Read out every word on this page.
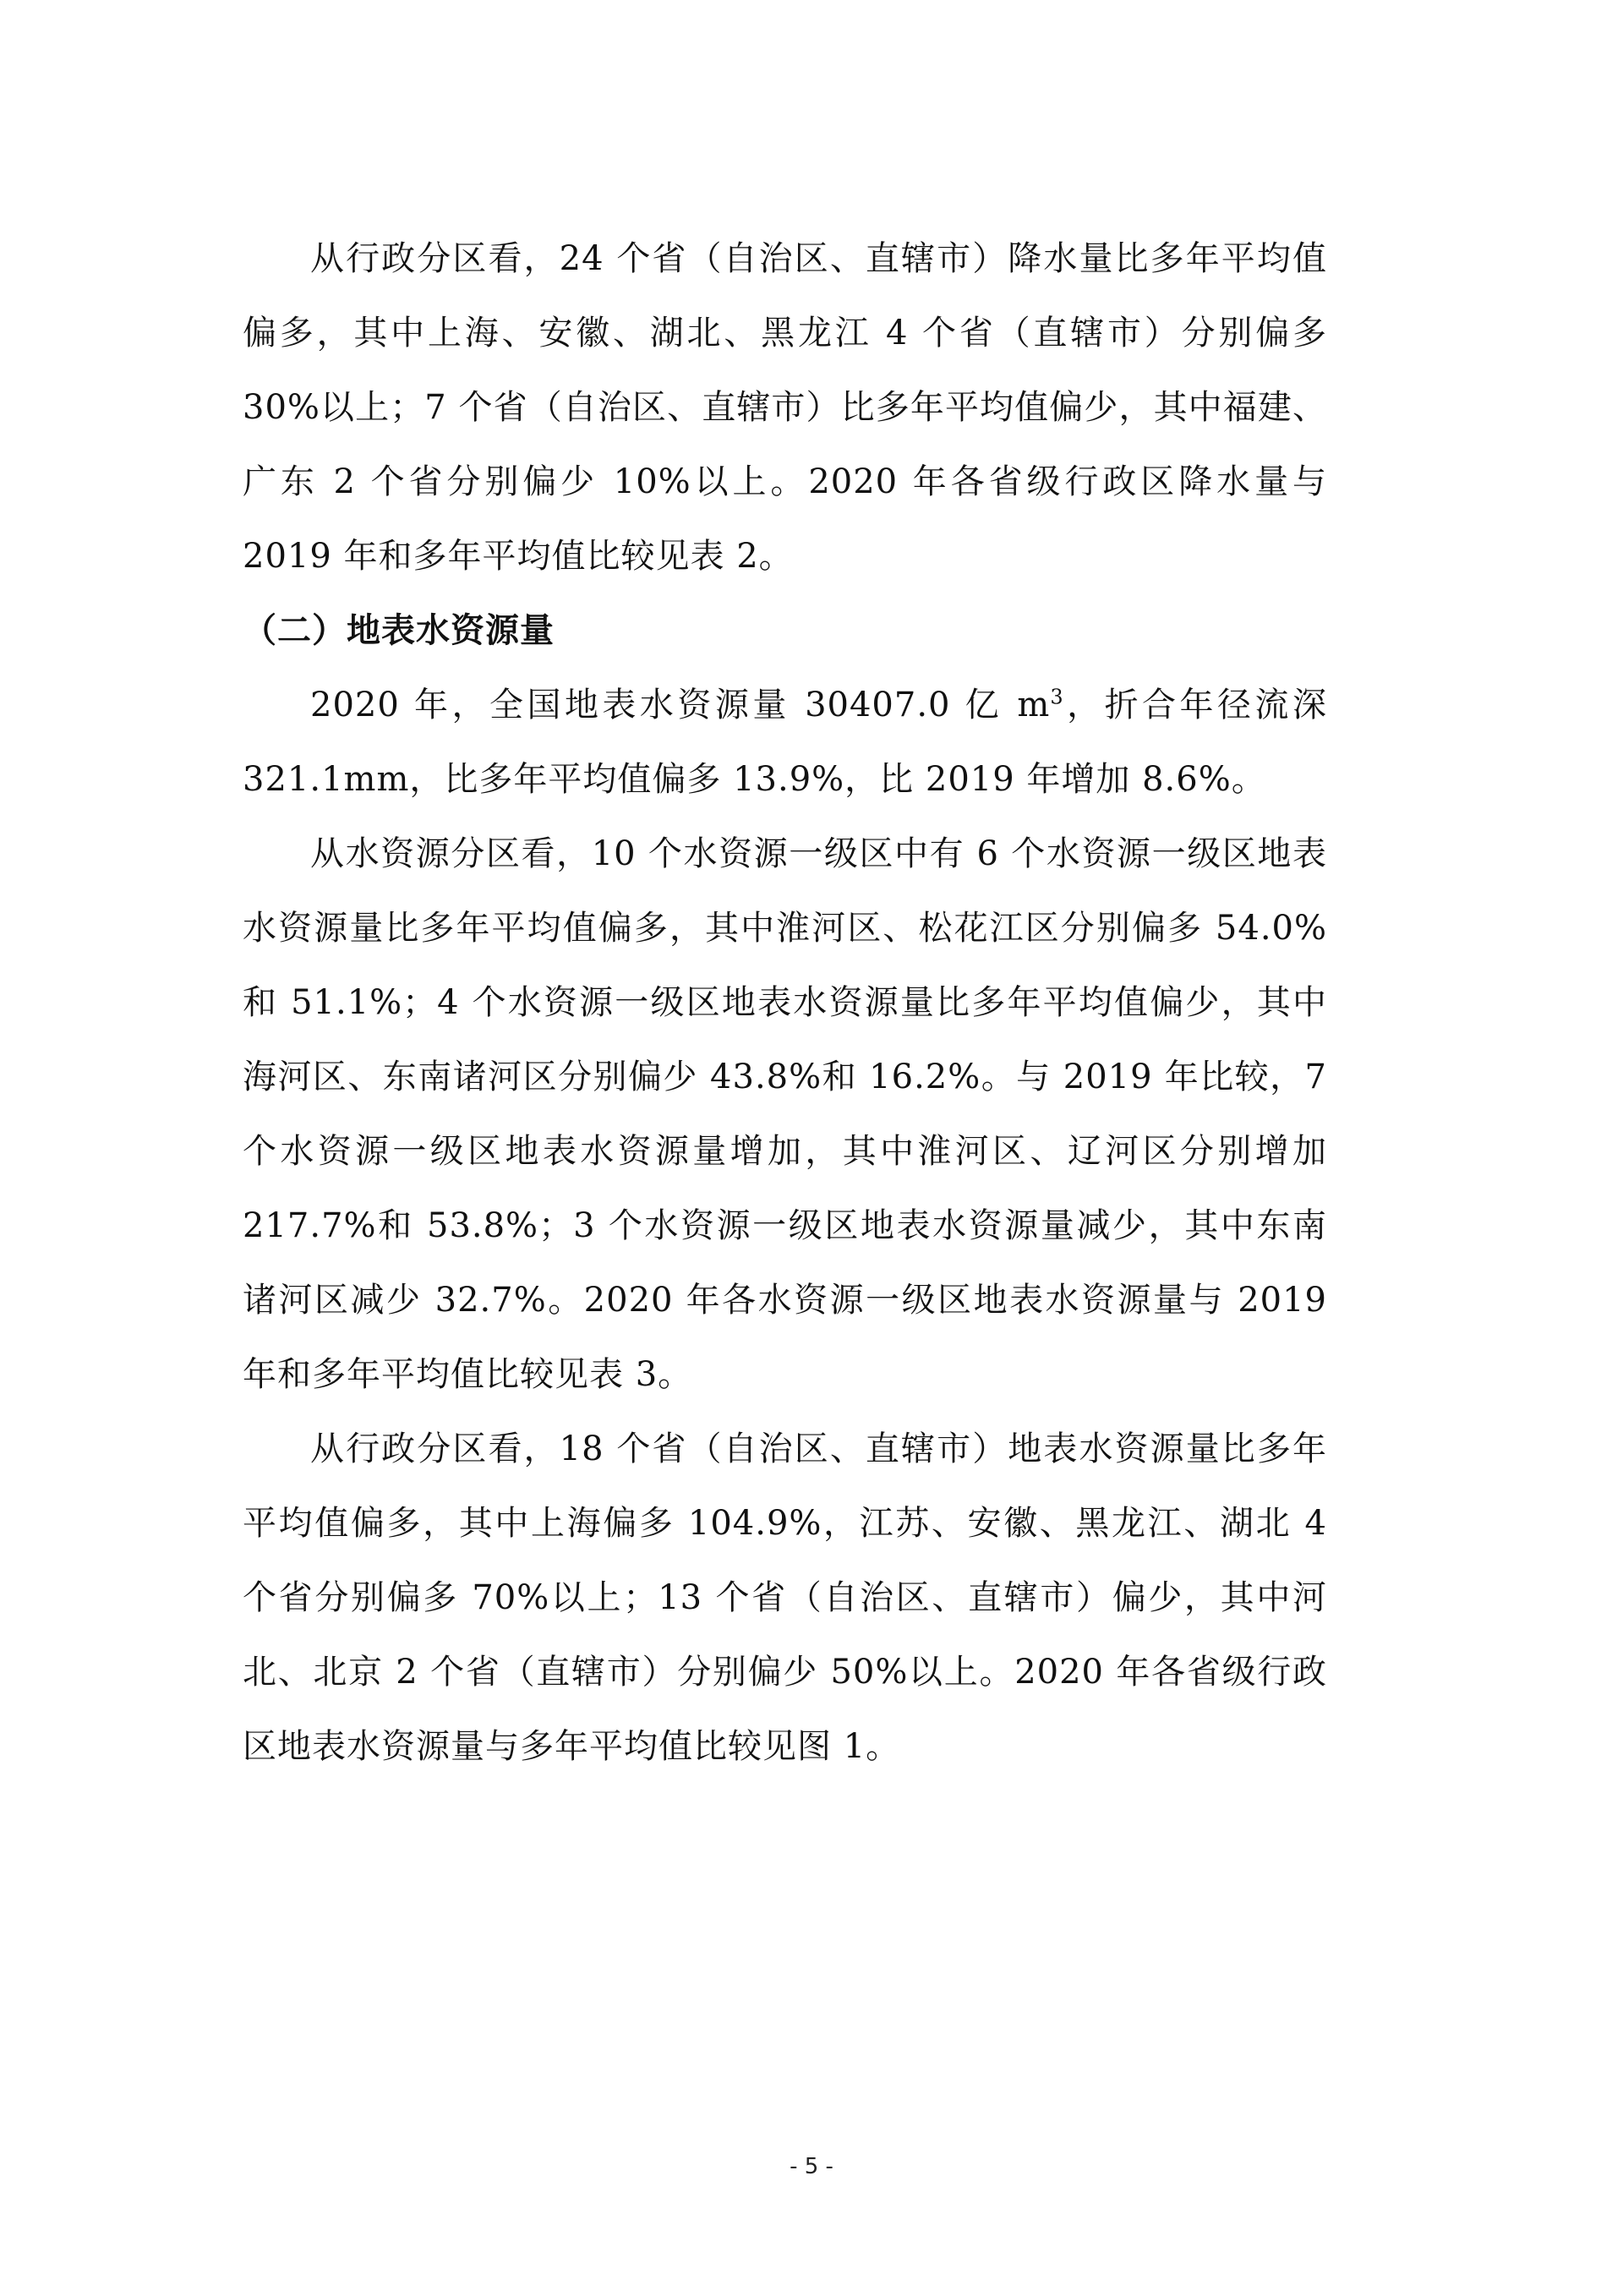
从行政分区看，24 个省（自治区、直辖市）降水量比多年平均值偏多，其中上海、安徽、湖北、黑龙江 4 个省（直辖市）分别偏多 30%以上；7 个省（自治区、直辖市）比多年平均值偏少，其中福建、广东 2 个省分别偏少 10%以上。2020 年各省级行政区降水量与 2019 年和多年平均值比较见表 2。

（二）地表水资源量

2020 年，全国地表水资源量 30407.0 亿 $m^3$，折合年径流深 321.1mm，比多年平均值偏多 13.9%，比 2019 年增加 8.6%。

从水资源分区看，10 个水资源一级区中有 6 个水资源一级区地表水资源量比多年平均值偏多，其中淮河区、松花江区分别偏多 54.0%和 51.1%；4 个水资源一级区地表水资源量比多年平均值偏少，其中海河区、东南诸河区分别偏少 43.8%和 16.2%。与 2019 年比较，7 个水资源一级区地表水资源量增加，其中淮河区、辽河区分别增加 217.7%和 53.8%；3 个水资源一级区地表水资源量减少，其中东南诸河区减少 32.7%。2020 年各水资源一级区地表水资源量与 2019 年和多年平均值比较见表 3。

从行政分区看，18 个省（自治区、直辖市）地表水资源量比多年平均值偏多，其中上海偏多 104.9%，江苏、安徽、黑龙江、湖北 4 个省分别偏多 70%以上；13 个省（自治区、直辖市）偏少，其中河北、北京 2 个省（直辖市）分别偏少 50%以上。2020 年各省级行政区地表水资源量与多年平均值比较见图 1。

- 5 -
